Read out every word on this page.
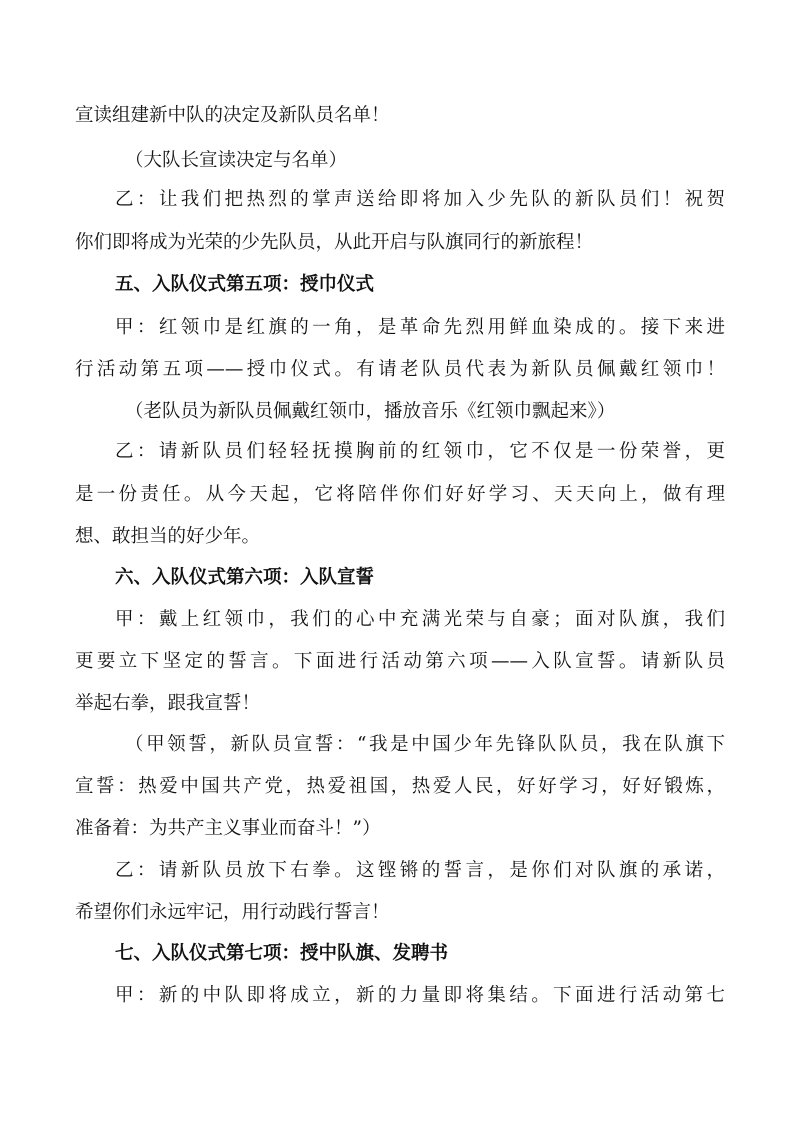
宣读组建新中队的决定及新队员名单！
（大队长宣读决定与名单）
乙：让我们把热烈的掌声送给即将加入少先队的新队员们！祝贺
你们即将成为光荣的少先队员，从此开启与队旗同行的新旅程！
五、入队仪式第五项：授巾仪式
甲：红领巾是红旗的一角，是革命先烈用鲜血染成的。接下来进
行活动第五项——授巾仪式。有请老队员代表为新队员佩戴红领巾！
（老队员为新队员佩戴红领巾，播放音乐《红领巾飘起来》）
乙：请新队员们轻轻抚摸胸前的红领巾，它不仅是一份荣誉，更
是一份责任。从今天起，它将陪伴你们好好学习、天天向上，做有理
想、敢担当的好少年。
六、入队仪式第六项：入队宣誓
甲：戴上红领巾，我们的心中充满光荣与自豪；面对队旗，我们
更要立下坚定的誓言。下面进行活动第六项——入队宣誓。请新队员
举起右拳，跟我宣誓！
（甲领誓，新队员宣誓：“我是中国少年先锋队队员，我在队旗下
宣誓：热爱中国共产党，热爱祖国，热爱人民，好好学习，好好锻炼，
准备着：为共产主义事业而奋斗！”）
乙：请新队员放下右拳。这铿锵的誓言，是你们对队旗的承诺，
希望你们永远牢记，用行动践行誓言！
七、入队仪式第七项：授中队旗、发聘书
甲：新的中队即将成立，新的力量即将集结。下面进行活动第七
